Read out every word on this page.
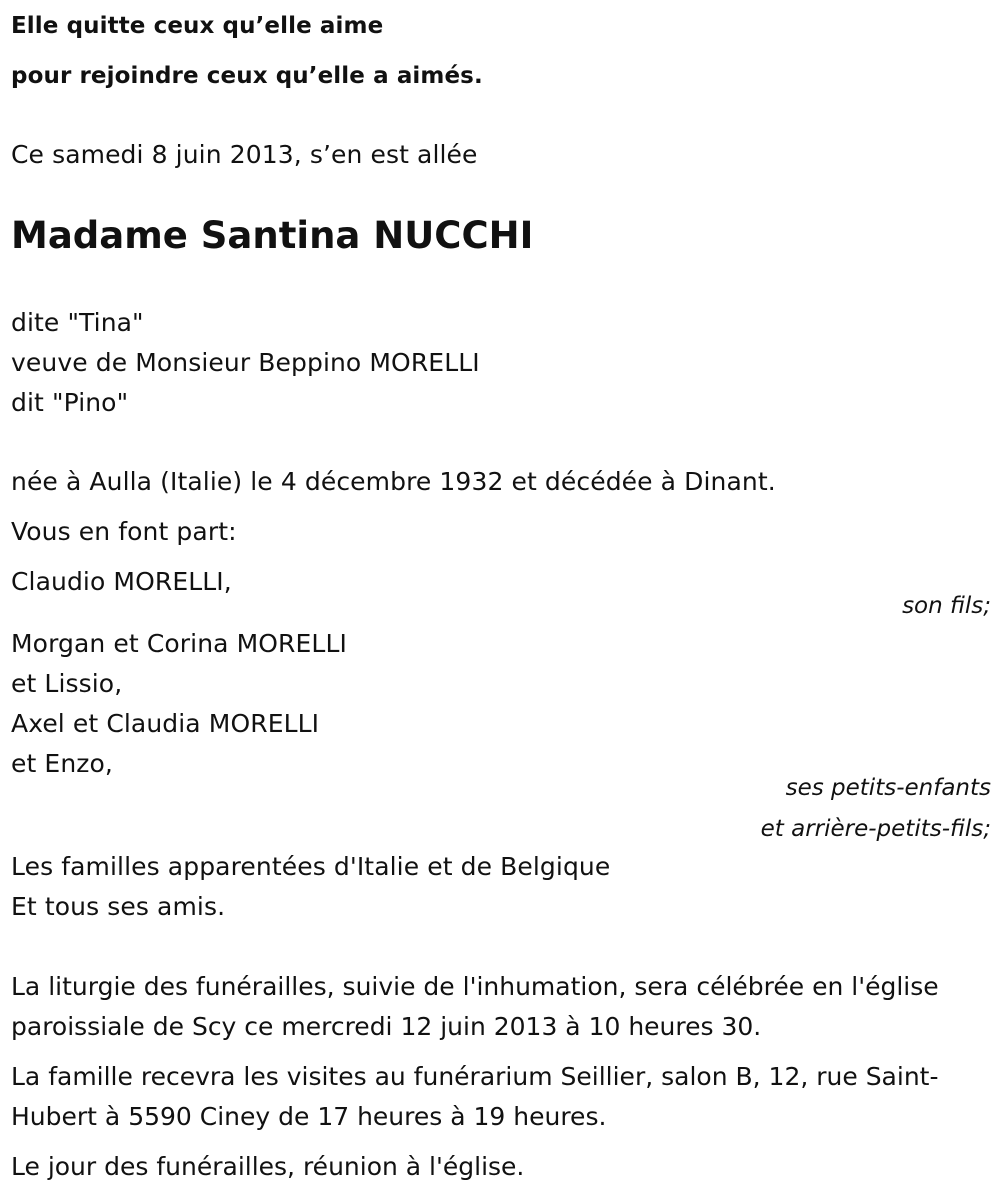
Elle quitte ceux qu’elle aime
pour rejoindre ceux qu’elle a aimés.
Ce samedi 8 juin 2013, s’en est allée
Madame Santina NUCCHI
dite "Tina"
veuve de Monsieur Beppino MORELLI
dit "Pino"
née à Aulla (Italie) le 4 décembre 1932 et décédée à Dinant.
Vous en font part:
Claudio MORELLI,
son fils;
Morgan et Corina MORELLI
et Lissio,
Axel et Claudia MORELLI
et Enzo,
ses petits-enfants
et arrière-petits-fils;
Les familles apparentées d'Italie et de Belgique
Et tous ses amis.
La liturgie des funérailles, suivie de l'inhumation, sera célébrée en l'église paroissiale de Scy ce mercredi 12 juin 2013 à 10 heures 30.
La famille recevra les visites au funérarium Seillier, salon B, 12, rue Saint-Hubert à 5590 Ciney de 17 heures à 19 heures.
Le jour des funérailles, réunion à l'église.
